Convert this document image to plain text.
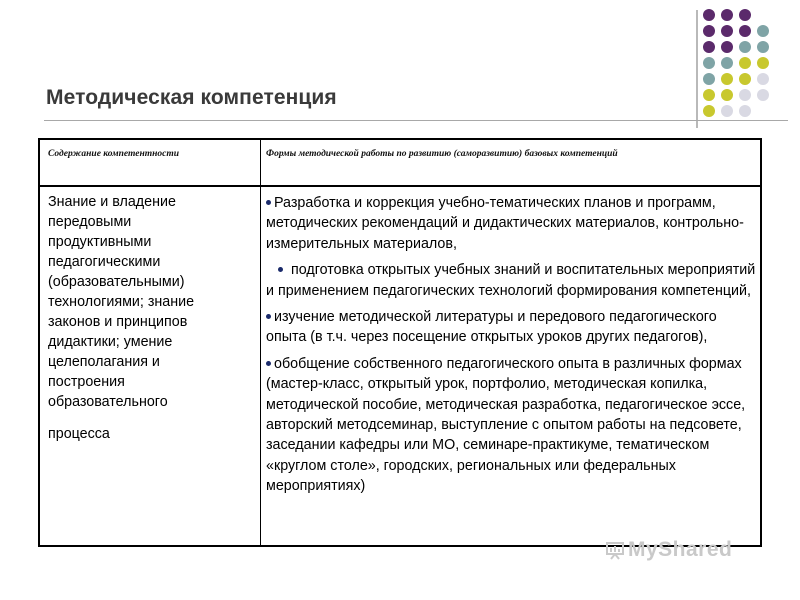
Методическая компетенция
Содержание компетентности	Формы методической работы по развитию (саморазвитию) базовых компетенций
Знание и владение
передовыми
продуктивными
педагогическими
(образовательными)
технологиями; знание
законов и принципов
дидактики; умение
целеполагания и
построения
образовательного
процесса
Разработка и коррекция учебно-тематических планов и программ, методических рекомендаций и дидактических материалов, контрольно-измерительных материалов,
подготовка открытых учебных знаний и воспитательных мероприятий и применением педагогических технологий формирования компетенций,
изучение методической литературы и передового педагогического опыта (в т.ч. через посещение открытых уроков других педагогов),
обобщение собственного педагогического опыта в различных формах (мастер-класс, открытый урок, портфолио, методическая копилка, методической пособие, методическая разработка, педагогическое эссе, авторский методсеминар, выступление с опытом работы на педсовете, заседании кафедры или МО, семинаре-практикуме, тематическом «круглом столе», городских, региональных или федеральных мероприятиях)
MyShared
